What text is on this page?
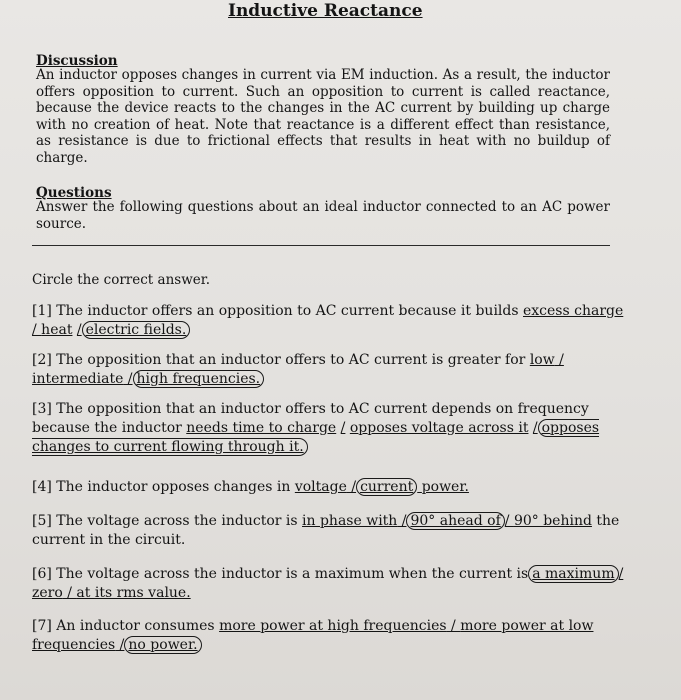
Inductive Reactance
Discussion
An inductor opposes changes in current via EM induction. As a result, the inductor offers opposition to current. Such an opposition to current is called reactance, because the device reacts to the changes in the AC current by building up charge with no creation of heat. Note that reactance is a different effect than resistance, as resistance is due to frictional effects that results in heat with no buildup of charge.
Questions
Answer the following questions about an ideal inductor connected to an AC power source.
Circle the correct answer.
[1] The inductor offers an opposition to AC current because it builds excess charge
/ heat / electric fields.
[2] The opposition that an inductor offers to AC current is greater for low /
intermediate / high frequencies.
[3] The opposition that an inductor offers to AC current depends on frequency because the inductor needs time to charge / opposes voltage across it / opposes changes to current flowing through it.
[4] The inductor opposes changes in voltage / current power.
[5] The voltage across the inductor is in phase with / 90° ahead of / 90° behind the current in the circuit.
[6] The voltage across the inductor is a maximum when the current is a maximum /
zero / at its rms value.
[7] An inductor consumes more power at high frequencies / more power at low frequencies / no power.
